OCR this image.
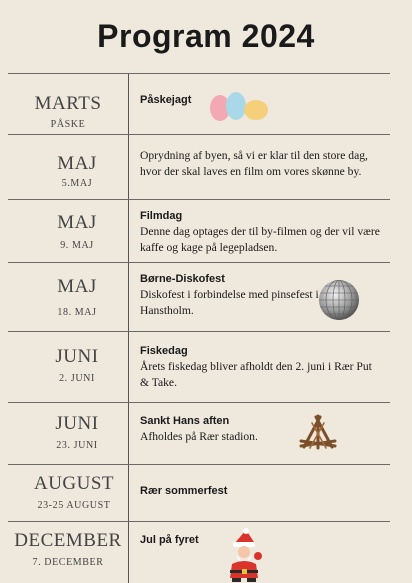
Program 2024
MARTS
PÅSKE
Påskejagt
MAJ
5.MAJ
Oprydning af byen, så vi er klar til den store dag, hvor der skal laves en film om vores skønne by.
MAJ
9. MAJ
Filmdag
Denne dag optages der til by-filmen og der vil være kaffe og kage på legepladsen.
MAJ
18. MAJ
Børne-Diskofest
Diskofest i forbindelse med pinsefest i Hanstholm.
JUNI
2. JUNI
Fiskedag
Årets fiskedag bliver afholdt den 2. juni i Rær Put & Take.
JUNI
23. JUNI
Sankt Hans aften
Afholdes på Rær stadion.
AUGUST
23-25 AUGUST
Rær sommerfest
DECEMBER
7. DECEMBER
Jul på fyret
